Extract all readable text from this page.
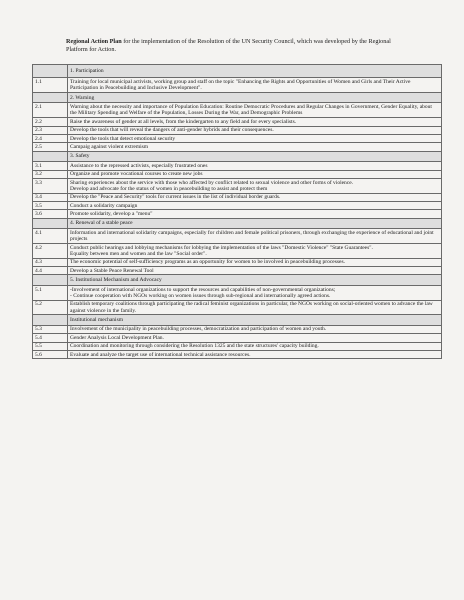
Regional Action Plan for the implementation of the Resolution of the UN Security Council, which was developed by the Regional Platform for Action.

	1. Participation

1.1	Training for local municipal activists, working group and staff on the topic "Enhancing the Rights and Opportunities of Women and Girls and Their Active Participation in Peacebuilding and Inclusive Development".

	2. Warning

2.1	Warning about the necessity and importance of Population Education: Routine Democratic Procedures and Regular Changes in Government, Gender Equality, about the Military Spending and Welfare of the Population, Losses During the War, and Demographic Problems

2.2	Raise the awareness of gender at all levels, from the kindergarten to any field and for every specialists.

2.3	Develop the tools that will reveal the dangers of anti-gender hybrids and their consequences.

2.4	Develop the tools that detect emotional security

2.5	Campaig against violent extremism

	3. Safety

3.1	Assistance to the repressed activists, especially frustrated ones

3.2	Organize and promote vocational courses to create new jobs

3.3	Sharing experiences about the service with those who affected by conflict related to sexual violence and other forms of violence.
Develop and advocate for the status of women in peacebuilding to assist and protect them

3.4	Develop the "Peace and Security" tools for current issues in the list of individual border guards.

3.5	Conduct a solidarity campaign

3.6	Promote solidarity, develop a "menu"

	4. Renewal of a stable peace

4.1	Information and international solidarity campaigns, especially for children and female political prisoners, through exchanging the experience of educational and joint projects

4.2	Conduct public hearings and lobbying mechanisms for lobbying the implementation of the laws "Domestic Violence" "State Guarantees".
Equality between men and women and the law "Social order".

4.3	The economic potential of self-sufficiency programs as an opportunity for women to be involved in peacebuilding processes.

4.4	Develop a Stable Peace Renewal Tool

	5. Institutional Mechanism and Advocacy

5.1	-Involvement of international organizations to support the resources and capabilities of non-governmental organizations;
- Continue cooperation with NGOs working on women issues through sub-regional and internationally agreed actions.

5.2	Establish temporary coalitions through participating the radical feminist organizations in particular, the NGOs working on social-oriented women to advance the law against violence in the family.

	Institutional mechanism

5.3	Involvement of the municipality in peacebuilding processes, democratization and participation of women and youth.

5.4	Gender Analysis Local Development Plan.

5.5	Coordination and monitoring through considering the Resolution 1325 and the state structures' capacity building.

5.6	Evaluate and analyze the target use of international technical assistance resources.
